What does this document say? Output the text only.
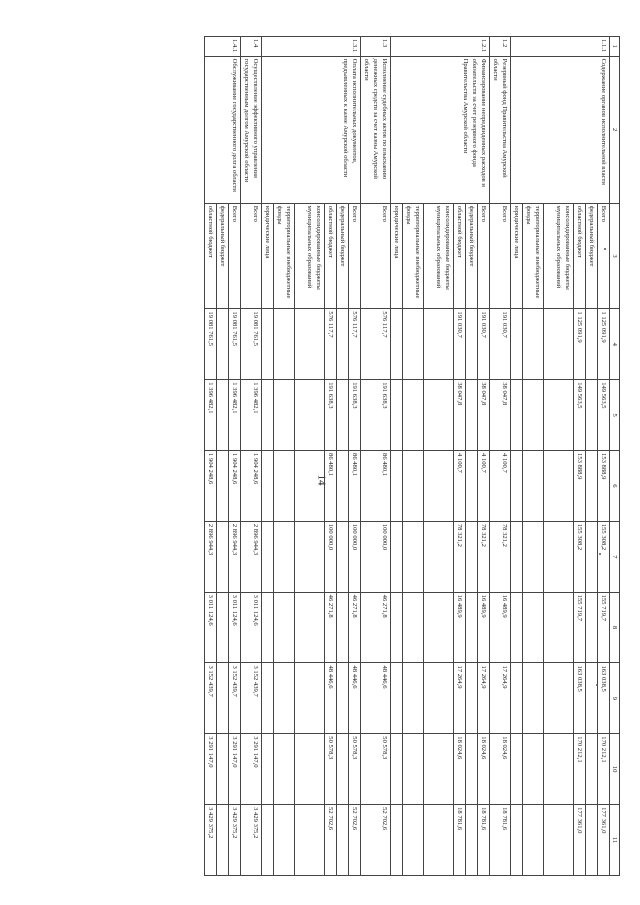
14
1	2	3	4	5	6	7	8	9	10	11
1.1.1	Содержание органов исполнительной власти	Всего	1 125 091,9	149 563,5	153 888,9	155 308,2	155 719,7	163 038,5	170 212,1	177 361,0
		федеральный бюджет								
		областной бюджет	1 125 091,9	149 563,5	153 888,9	155 308,2	155 719,7	163 038,5	170 212,1	177 361,0
		консолидированные бюджеты муниципальных образований								
		территориальные внебюджетные фонды								
		юридические лица								
1.2	Резервный фонд Правительства Амурской области	Всего	191 030,7	38 047,8	4 100,7	78 321,2	16 489,9	17 264,9	18 024,6	18 781,6
1.2.1	Финансирование непредвиденных расходов и обязательств за счет резервного фонда Правительства Амурской области	Всего	191 030,7	38 047,8	4 100,7	78 321,2	16 489,9	17 264,9	18 024,6	18 781,6
		федеральный бюджет								
		областной бюджет	191 030,7	38 047,8	4 100,7	78 321,2	16 489,9	17 264,9	18 024,6	18 781,6
		консолидированные бюджеты муниципальных образований								
		территориальные внебюджетные фонды								
		юридические лица								
1.3	Исполнение судебных актов по взысканию денежных средств за счет казны Амурской области	Всего	576 117,7	191 638,3	86 480,1	100 000,0	46 271,8	48 446,6	50 578,3	52 702,6
1.3.1	Оплата исполнительных документов, предъявленных к казне Амурской области	Всего	576 117,7	191 638,3	86 480,1	100 000,0	46 271,8	48 446,6	50 578,3	52 702,6
		федеральный бюджет								
		областной бюджет	576 117,7	191 638,3	86 480,1	100 000,0	46 271,8	48 446,6	50 578,3	52 702,6
		консолидированные бюджеты муниципальных образований								
		территориальные внебюджетные фонды								
		юридические лица								
1.4	Осуществление эффективного управления государственным долгом Амурской области	Всего	19 081 761,5	1 396 482,1	1 904 248,6	2 896 944,3	3 011 124,6	3 152 439,7	3 291 147,0	3 429 375,2
1.4.1	Обслуживание государственного долга области	Всего	19 081 761,5	1 396 482,1	1 904 248,6	2 896 944,3	3 011 124,6	3 152 439,7	3 291 147,0	3 429 375,2
		федеральный бюджет								
		областной бюджет	19 081 761,5	1 396 482,1	1 904 248,6	2 896 944,3	3 011 124,6	3 152 439,7	3 291 147,0	3 429 375,2
